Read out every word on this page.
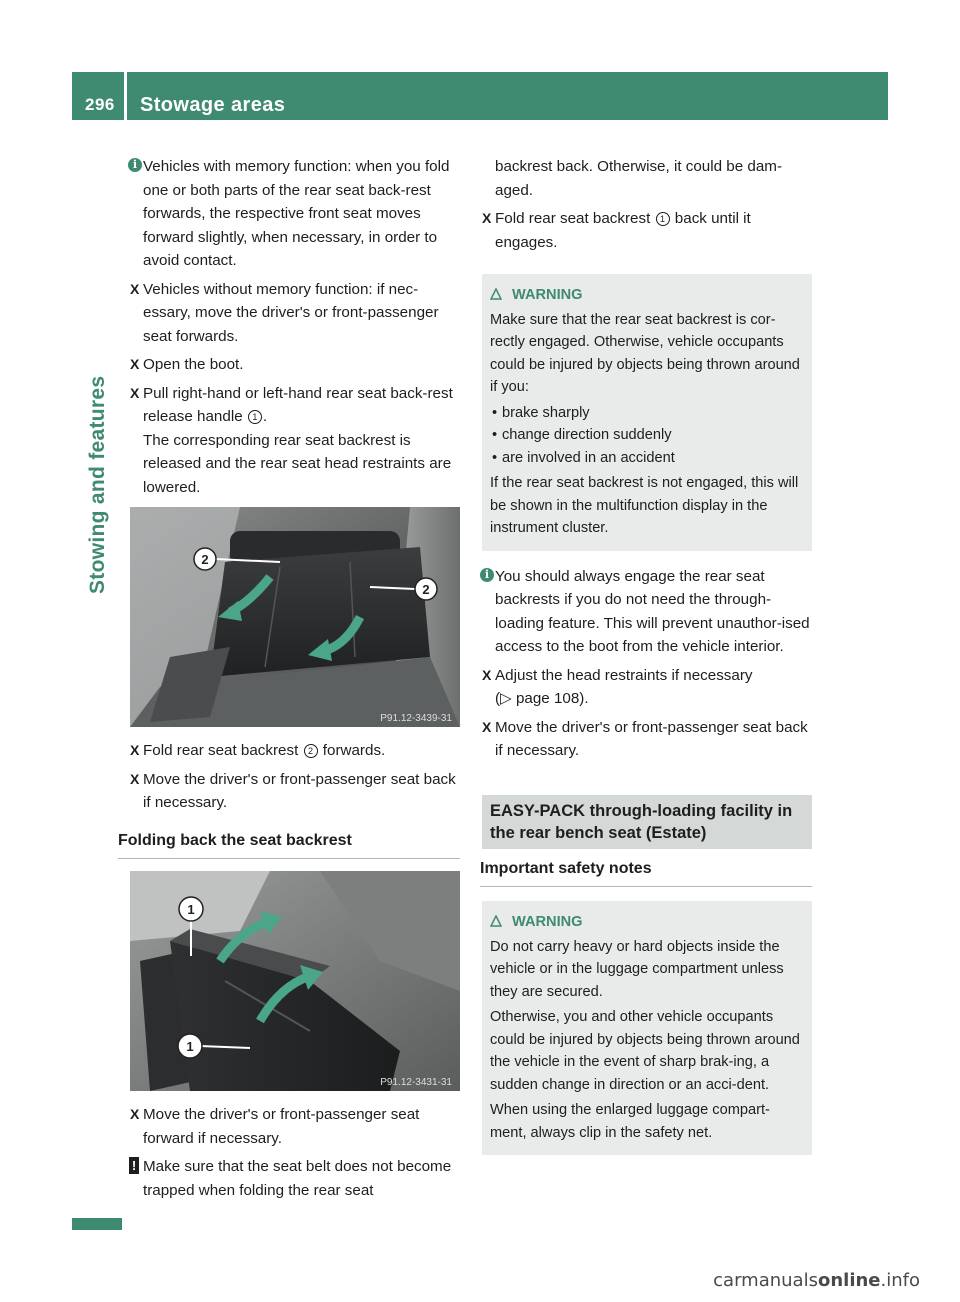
296	Stowage areas
Stowing and features
i Vehicles with memory function: when you fold one or both parts of the rear seat back-rest forwards, the respective front seat moves forward slightly, when necessary, in order to avoid contact.
X Vehicles without memory function: if nec-essary, move the driver's or front-passenger seat forwards.
X Open the boot.
X Pull right-hand or left-hand rear seat back-rest release handle 1 .
The corresponding rear seat backrest is released and the rear seat head restraints are lowered.
2
2
P91.12-3439-31
X Fold rear seat backrest 2 forwards.
X Move the driver's or front-passenger seat back if necessary.
Folding back the seat backrest
1
1
P91.12-3431-31
X Move the driver's or front-passenger seat forward if necessary.
! Make sure that the seat belt does not become trapped when folding the rear seat
backrest back. Otherwise, it could be dam-aged.
X Fold rear seat backrest 1 back until it engages.
WARNING
Make sure that the rear seat backrest is cor-rectly engaged. Otherwise, vehicle occupants could be injured by objects being thrown around if you:
• brake sharply
• change direction suddenly
• are involved in an accident
If the rear seat backrest is not engaged, this will be shown in the multifunction display in the instrument cluster.
i You should always engage the rear seat backrests if you do not need the through-loading feature. This will prevent unauthor-ised access to the boot from the vehicle interior.
X Adjust the head restraints if necessary
(▷ page 108).
X Move the driver's or front-passenger seat back if necessary.
EASY-PACK through-loading facility in the rear bench seat (Estate)
Important safety notes
WARNING
Do not carry heavy or hard objects inside the vehicle or in the luggage compartment unless they are secured.
Otherwise, you and other vehicle occupants could be injured by objects being thrown around the vehicle in the event of sharp brak-ing, a sudden change in direction or an acci-dent.
When using the enlarged luggage compart-ment, always clip in the safety net.
carmanualsonline.info
